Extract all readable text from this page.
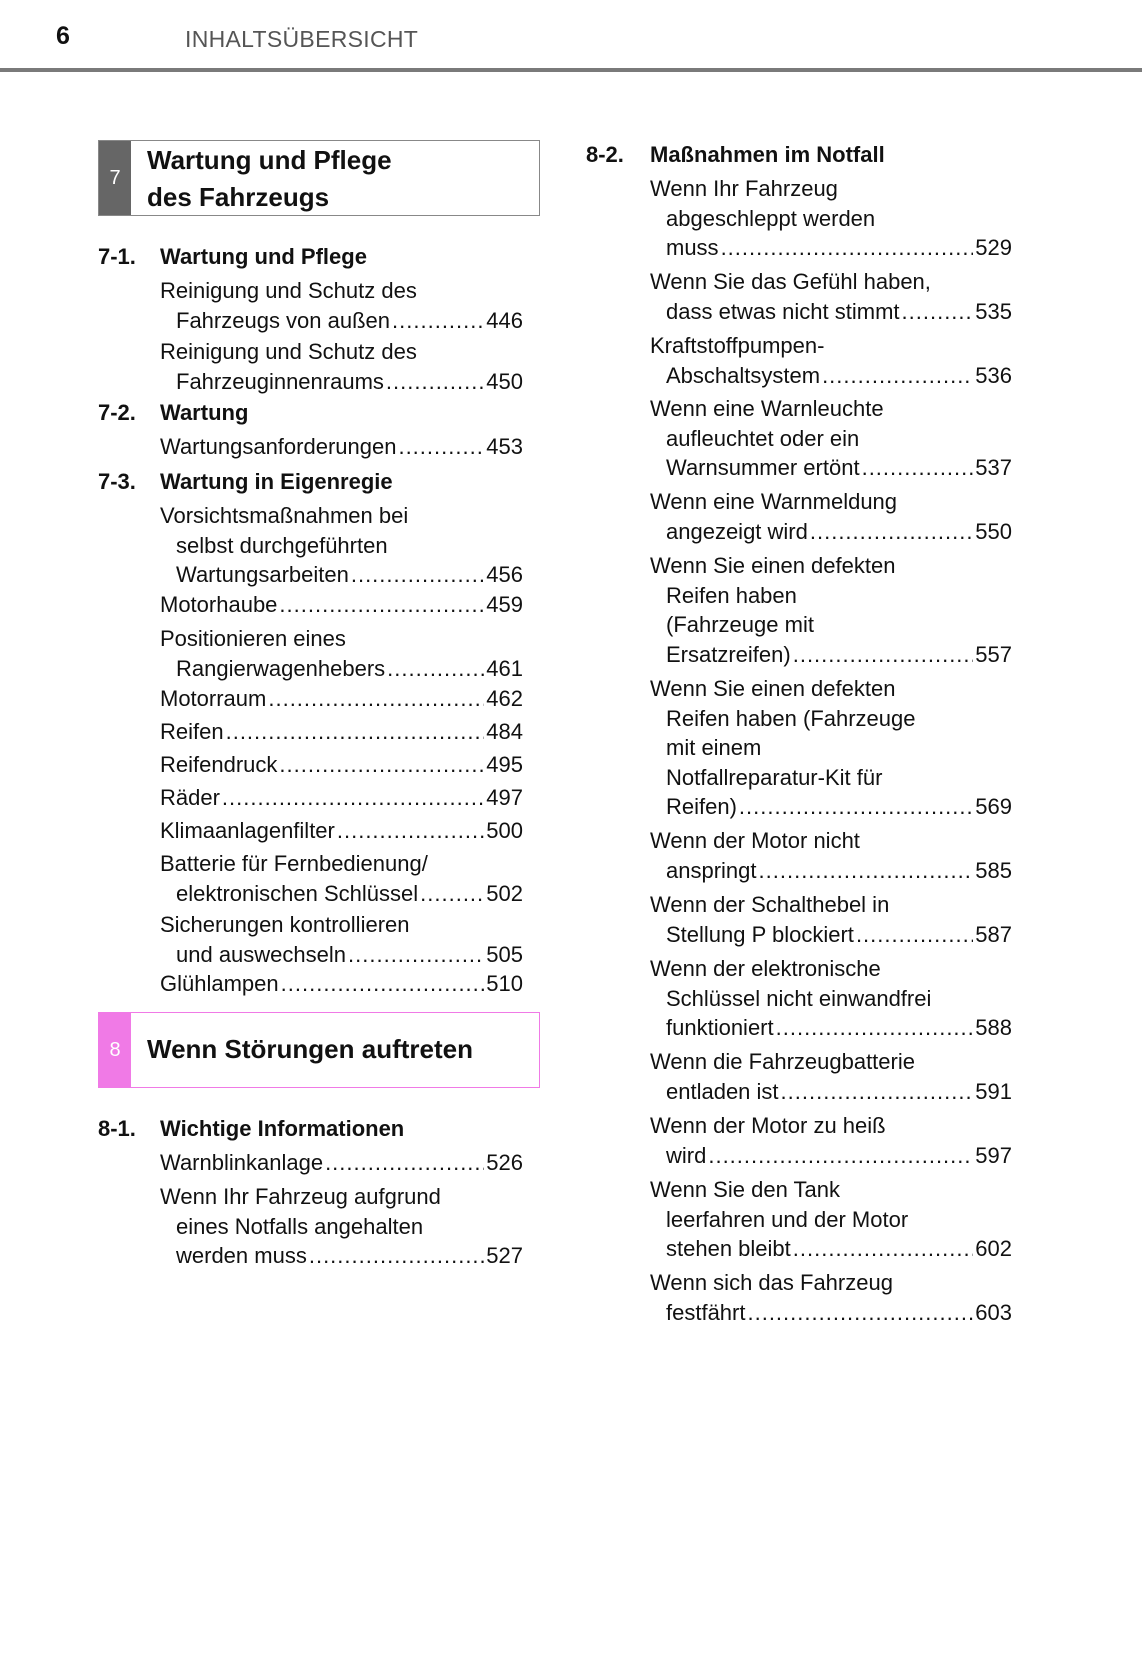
6	INHALTSÜBERSICHT
7
Wartung und Pflege
des Fahrzeugs
8	Wenn Störungen auftreten
7-1. Wartung und Pflege
Reinigung und Schutz des
Fahrzeugs von außen .....	446
Reinigung und Schutz des
Fahrzeuginnenraums .....	450
7-2. Wartung
Wartungsanforderungen .....	453
7-3. Wartung in Eigenregie
Vorsichtsmaßnahmen bei
selbst durchgeführten
Wartungsarbeiten .....	456
Motorhaube .....	459
Positionieren eines
Rangierwagenhebers .....	461
Motorraum .....	462
Reifen .....	484
Reifendruck .....	495
Räder .....	497
Klimaanlagenfilter .....	500
Batterie für Fernbedienung/
elektronischen Schlüssel .....	502
Sicherungen kontrollieren
und auswechseln .....	505
Glühlampen .....	510
8-1. Wichtige Informationen
Warnblinkanlage .....	526
Wenn Ihr Fahrzeug aufgrund
eines Notfalls angehalten
werden muss .....	527
8-2. Maßnahmen im Notfall
Wenn Ihr Fahrzeug
abgeschleppt werden
muss .....	529
Wenn Sie das Gefühl haben,
dass etwas nicht stimmt .....	535
Kraftstoffpumpen-
Abschaltsystem .....	536
Wenn eine Warnleuchte
aufleuchtet oder ein
Warnsummer ertönt .....	537
Wenn eine Warnmeldung
angezeigt wird .....	550
Wenn Sie einen defekten
Reifen haben
(Fahrzeuge mit
Ersatzreifen) .....	557
Wenn Sie einen defekten
Reifen haben (Fahrzeuge
mit einem
Notfallreparatur-Kit für
Reifen) .....	569
Wenn der Motor nicht
anspringt .....	585
Wenn der Schalthebel in
Stellung P blockiert .....	587
Wenn der elektronische
Schlüssel nicht einwandfrei
funktioniert .....	588
Wenn die Fahrzeugbatterie
entladen ist .....	591
Wenn der Motor zu heiß
wird .....	597
Wenn Sie den Tank
leerfahren und der Motor
stehen bleibt .....	602
Wenn sich das Fahrzeug
festfährt .....	603
